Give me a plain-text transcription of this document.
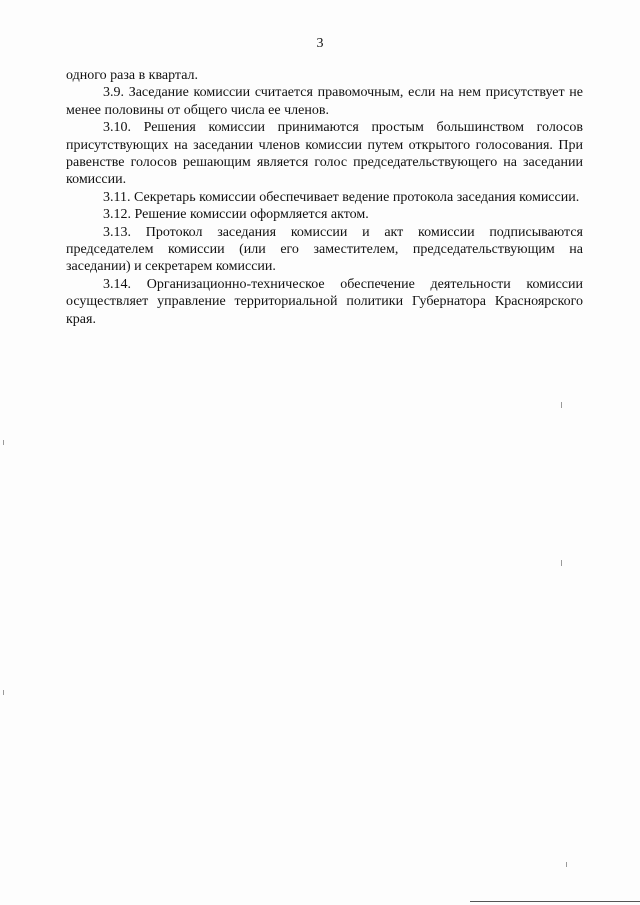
3

одного раза в квартал.

3.9. Заседание комиссии считается правомочным, если на нем присутствует не менее половины от общего числа ее членов.

3.10. Решения комиссии принимаются простым большинством голосов присутствующих на заседании членов комиссии путем открытого голосования. При равенстве голосов решающим является голос председательствующего на заседании комиссии.

3.11. Секретарь комиссии обеспечивает ведение протокола заседания комиссии.

3.12. Решение комиссии оформляется актом.

3.13. Протокол заседания комиссии и акт комиссии подписываются председателем комиссии (или его заместителем, председательствующим на заседании) и секретарем комиссии.

3.14. Организационно-техническое обеспечение деятельности комиссии осуществляет управление территориальной политики Губернатора Красноярского края.
